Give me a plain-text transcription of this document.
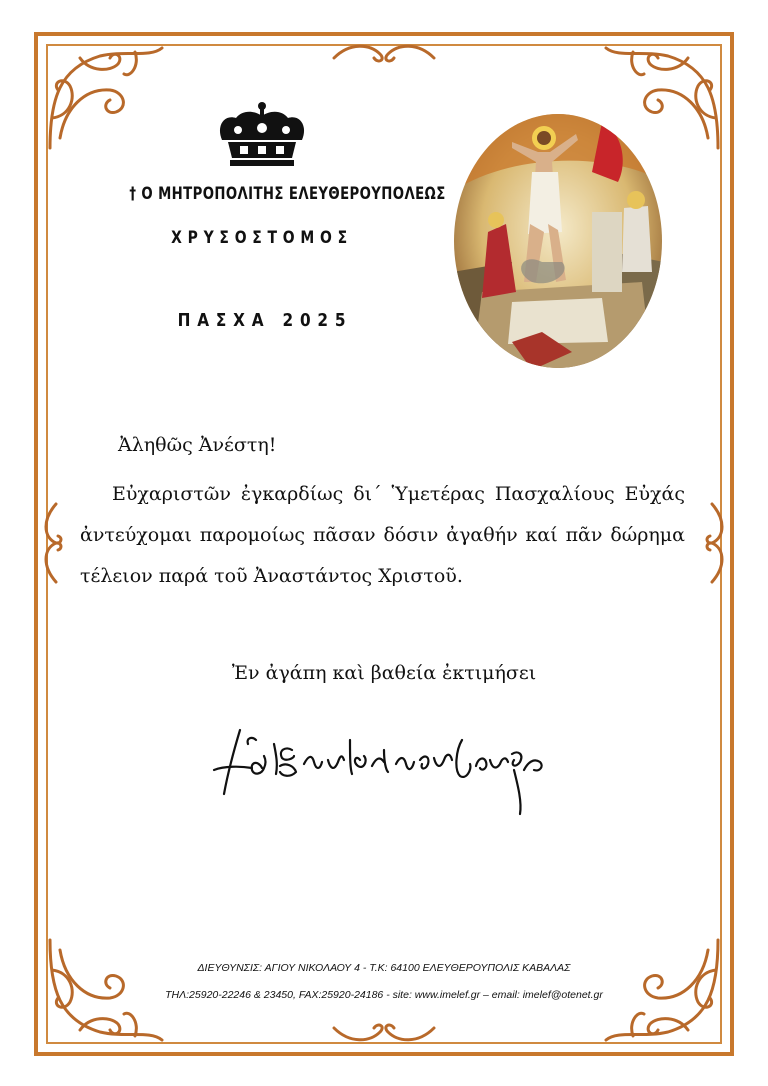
† Ο ΜΗΤΡΟΠΟΛΙΤΗΣ ΕΛΕΥΘΕΡΟΥΠΟΛΕΩΣ
ΧΡΥΣΟΣΤΟΜΟΣ
ΠΑΣΧΑ 2025
Ἀληθῶς Ἀνέστη!
Εὐχαριστῶν ἐγκαρδίως δι΄ Ὑμετέρας Πασχαλίους Εὐχάς ἀντεύχομαι παρομοίως πᾶσαν δόσιν ἀγαθήν καί πᾶν δώρημα τέλειον παρά τοῦ Ἀναστάντος Χριστοῦ.
Ἐν ἀγάπη καὶ βαθεία ἐκτιμήσει
ΔΙΕΥΘΥΝΣΙΣ: ΑΓΙΟΥ ΝΙΚΟΛΑΟΥ 4 - Τ.Κ: 64100 ΕΛΕΥΘΕΡΟΥΠΟΛΙΣ ΚΑΒΑΛΑΣ
ΤΗΛ:25920-22246 & 23450, FAX:25920-24186 - site: www.imelef.gr – email: imelef@otenet.gr
